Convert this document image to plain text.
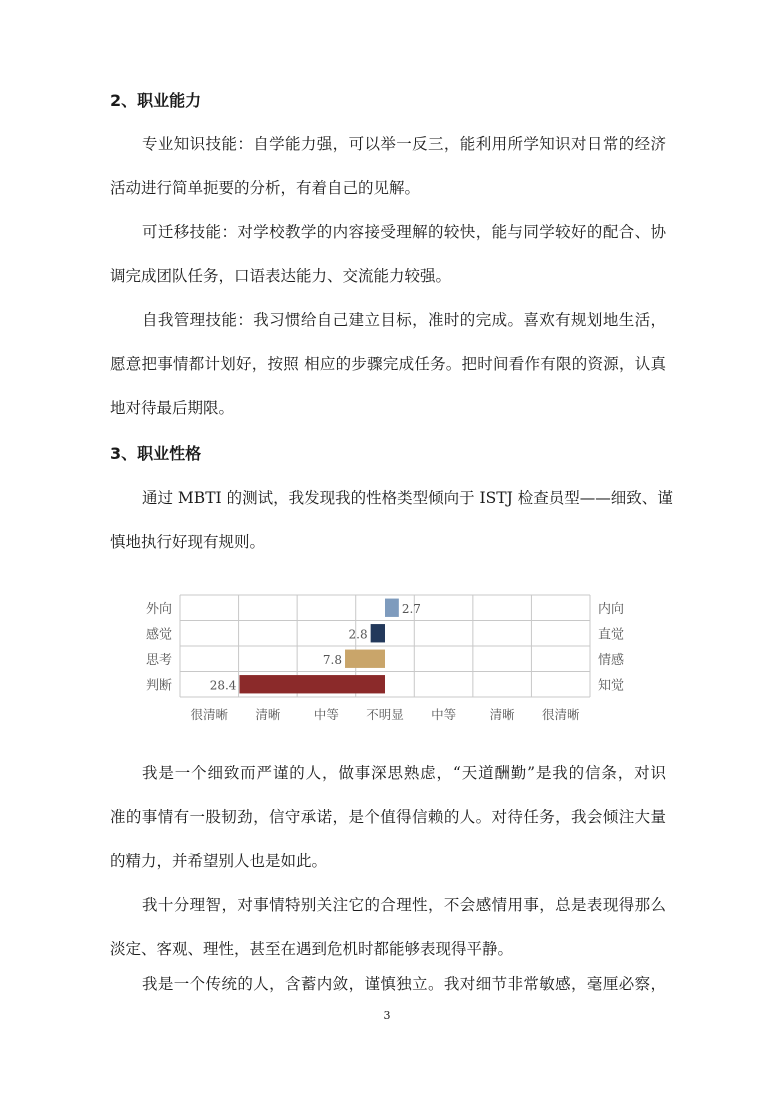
2、职业能力
专业知识技能：自学能力强，可以举一反三，能利用所学知识对日常的经济
活动进行简单扼要的分析，有着自己的见解。
可迁移技能：对学校教学的内容接受理解的较快，能与同学较好的配合、协
调完成团队任务，口语表达能力、交流能力较强。
自我管理技能：我习惯给自己建立目标，准时的完成。喜欢有规划地生活，
愿意把事情都计划好，按照 相应的步骤完成任务。把时间看作有限的资源，认真
地对待最后期限。
3、职业性格
通过 MBTI 的测试，我发现我的性格类型倾向于 ISTJ 检查员型——细致、谨
慎地执行好现有规则。
外向	内向
2.7
感觉	直觉
2.8
思考	情感
7.8
判断	知觉
28.4
很清晰 清晰	中等 不明显 中等	清晰 很清晰
我是一个细致而严谨的人，做事深思熟虑，“天道酬勤”是我的信条，对识
准的事情有一股韧劲，信守承诺，是个值得信赖的人。对待任务，我会倾注大量
的精力，并希望别人也是如此。
我十分理智，对事情特别关注它的合理性，不会感情用事，总是表现得那么
淡定、客观、理性，甚至在遇到危机时都能够表现得平静。
我是一个传统的人，含蓄内敛，谨慎独立。我对细节非常敏感，毫厘必察，
3
